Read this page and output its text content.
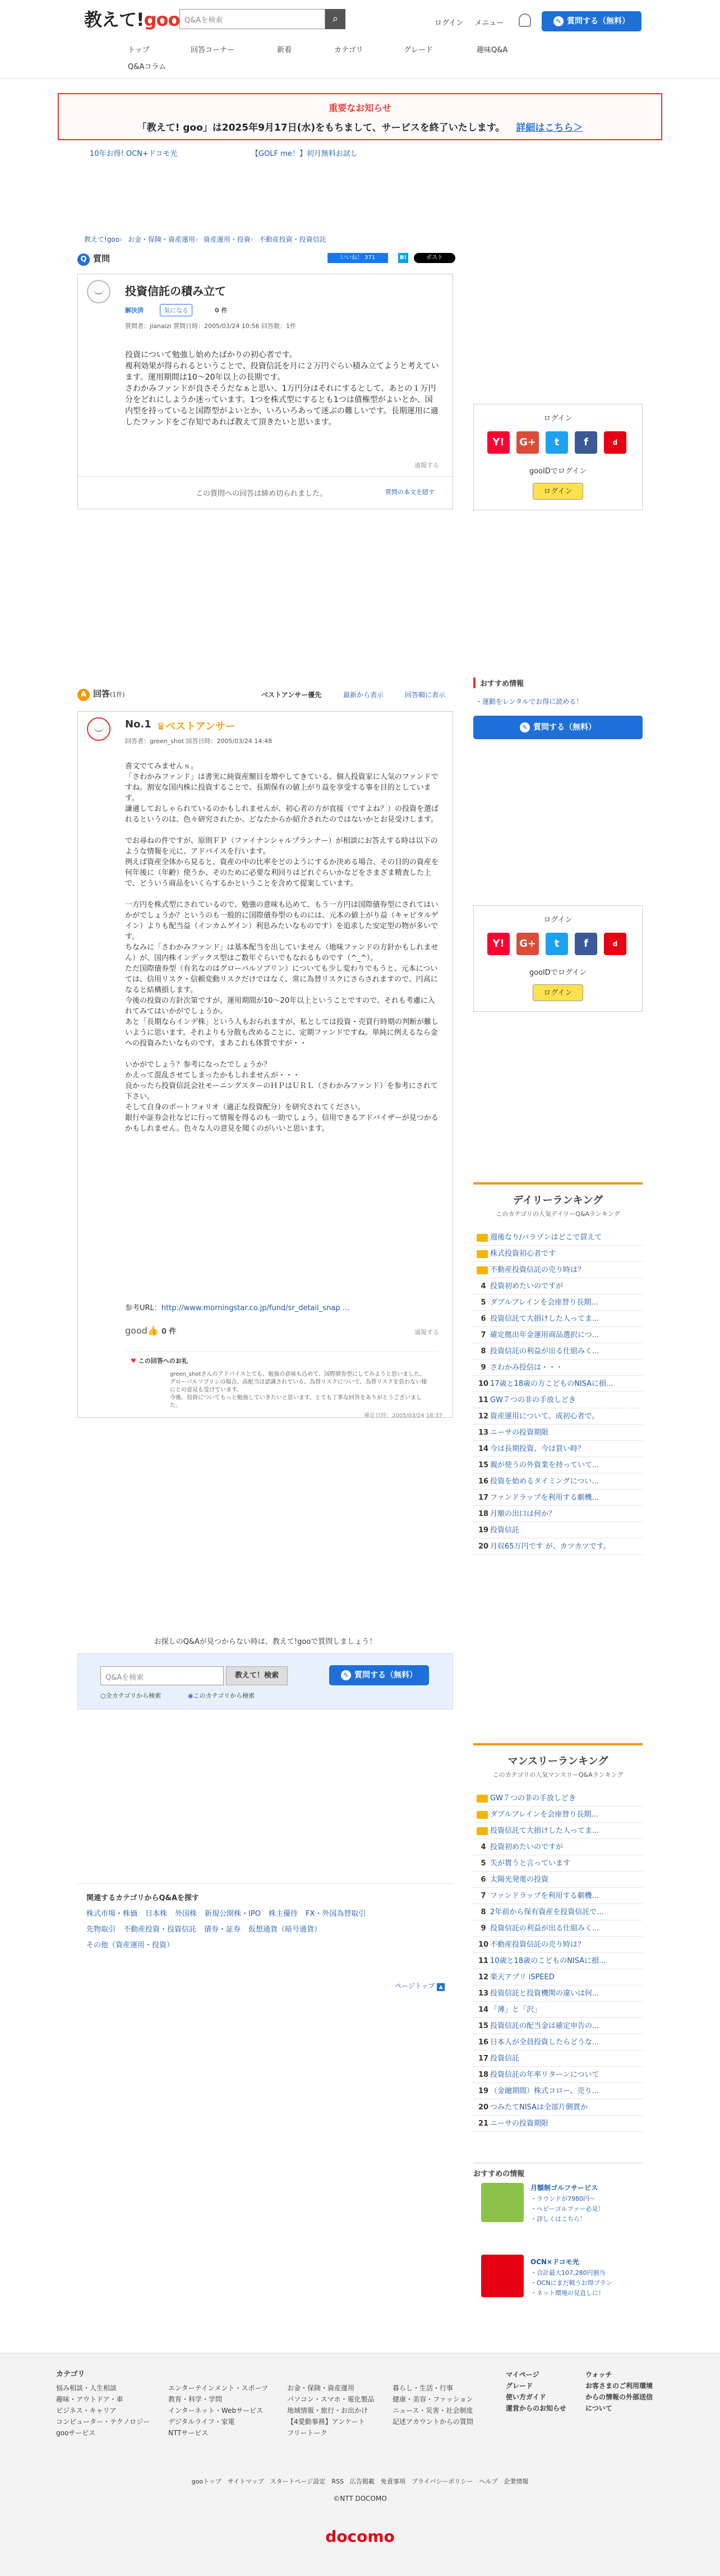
教えて!goo Q&Aを検索	⌕	ログイン メニュー	✎ 質問する（無料）
トップ	回答コーナー	新着	カテゴリ	グレード	趣味Q&A
Q&Aコラム
重要なお知らせ
「教えて! goo」は2025年9月17日(水)をもちまして、サービスを終了いたします。 詳細はこちら＞
10年お得! OCN+ドコモ光	【GOLF me！】初月無料お試し
教えて!goo› お金・保険・資産運用› 資産運用・投資› 不動産投資・投資信託
Q 質問	いいね！ 371	B!	ポスト
投資信託の積み立て
解決済	気になる	0 件
質問者：jianaizi 質問日時：2005/03/24 10:56 回答数：1件
投資について勉強し始めたばかりの初心者です。
複利効果が得られるということで、投資信託を月に２万円ぐらい積み立てようと考えています。運用期間は10〜20年以上の長期です。
さわかみファンドが良さそうだなぁと思い、1万円分はそれにするとして、あとの１万円分をどれにしようか迷っています。1つを株式型にするとも1つは債権型がよいとか、国内型を持っていると国際型がよいとか、いろいろあって迷ぶの難しいです。長期運用に適したファンドをご存知であれば教えて頂きたいと思います。
通報する
この質問への回答は締め切られました。	質問の本文を隠す
ログイン
Y!	G+	t	f	d
gooIDでログイン
ログイン
おすすめ情報
・運動をレンタルでお得に読める！
✎ 質問する（無料）
A 回答(1件)	ベストアンサー優先	最新から表示	回答順に表示
No.1 ♛ベストアンサー
回答者：green_shot 回答日時：2005/03/24 14:48
喜文でてみませんｓ。
「さわかみファンド」は書実に純資産額目を増やしてきている、個人投資家に人気のファンドですね。割安な国内株に投資することで、長期保有の値上がり益を享受する事を目的としています。
謙遜しておしゃられているのかもしれませんが、初心者の方が直接（ですよね？）の投資を選ばれるというのは、色々研究されたか、どなたからか紹介されたのではないかとお見受けします。

でお尋ねの件ですが、原則ＦＰ（ファイナンシャルプランナー）が相談にお答えする時は以下のような情報を元に、アドバイスを行います。
例えば資産全体から見ると、資産の中の比率をどのようにするか決める場合、その目的の資産を何年後に（年齢）使うか、そのために必要な利回りはどれぐらいかなどをさまざま精査した上で、どういう商品をいくらするかということを含めて提案しています。

一方円を株式型にされているので、勉強の意味も込めて、もう一方円は国際債券型にされてはいかがでしょうか？というのも一般的に国際債券型のものには、元本の値上がり益（キャピタルゲイン）よりも配当益（インカムゲイン）利息みたいなものです）を追求した安定型の物が多いです。
ちなみに「さわかみファンド」は基本配当を出していません（地味ファンドの方針かもしれません）が、国内株インデックス型はご数年ぐらいでもなれるものです（^_^）。
ただ国際債券型（有名なのはグローバルソブリン）についても少し変わりでもうと、元本については、信用リスク・信頼変動リスクだけではなく、常に為替リスクにさらされますので、円高になると結構損します。
今後の投資の方針次第ですが、運用期間が10〜20年以上ということですので、それも考慮に入れてみてはいかがでしょうか。
あと「長期ならインデ株」という人もおられますが、私としては投資・売買行時期の判断が難しいように思います。それよりも分散も改めることに、定期ファンドですね。単純に例えるなら金への投資みたいなものです。まあこれも体質ですが・・

いかがでしょう？参考になったでしょうか？
かえって混乱させてしまったかもしれませんが・・・
良かったら投資信託会社モーニングスターのＨＰはＵＲＬ（さわかみファンド）を参考にされて下さい。
そして自身のポートフォリオ（適正な投資配分）を研究されてください。
銀行や証券会社などに行って情報を得るのも一助でしょう。信用できるアドバイザーが見つかるかもしれません。色々な人の意見を聞くのがいいと思います。
参考URL：http://www.morningstar.co.jp/fund/sr_detail_snap ...
good👍 0 件	通報する
♥ この回答へのお礼
green_shotさんのアドバイスとても、勉強の意味も込めて、国際債券型にしてみようと思いました。グローバルソブリンの場合、高配当は認識されている。為替リスクについて、為替リスクを負わない様にとの意見も受けています。
今後、投資についてもっと勉強していきたいと思います。とても丁寧な回答をありがとうございました。
補足日時：2005/03/24 18:37
ログイン
Y!	G+	t	f	d
gooIDでログイン
ログイン
デイリーランキング
このカテゴリの人気デイリーQ&Aランキング
週後なり/パラゾンはどこで買えて
株式投資初心者です
不動産投資信託の売り時は？
4 投資初めたいのですが
5 ダブルブレインを会座替り長期...
6 投資信託て大損けした人ってま...
7 確定拠出年金運用商品選択につ...
8 投資信託の利益が出る仕組みく...
9 さわかみ投信は・・・
10 17歳と18歳の方こどものNISAに損...
11 GW７つの非の手放しどき
12 資産運用について。成初心者で。
13 ニーサの投資期限
14 今は長期投資、今は買い時？
15 親が使うの外資業を持っていて...
16 投資を始めるタイミングについ...
17 ファンドラップを利用する劇機...
18 月額の出口は何か？
19 投資信託
20 月収65万円です が、カツカツです。
お探しのQ&Aが見つからない時は、教えて!gooで質問しましょう！
Q&Aを検索	教えて！検索
○全カテゴリから検索	◉このカテゴリから検索
✎ 質問する（無料）
関連するカテゴリからQ&Aを探す
株式市場・株価 日本株 外国株 新規公開株・IPO 株主優待 FX・外国為替取引
先物取引 不動産投資・投資信託 債券・証券 仮想通貨（暗号通貨）
その他（資産運用・投資）
ページトップ ▲
マンスリーランキング
このカテゴリの人気マンスリーQ&Aランキング
GW７つの非の手放しどき
ダブルブレインを会座替り長期...
投資信託て大損けした人ってま...
4 投資初めたいのですが
5 失が貫うと言っています
6 太陽光発電の投資
7 ファンドラップを利用する劇機...
8 2年前から保有資産を投資信託で...
9 投資信託の利益が出る仕組みく...
10 不動産投資信託の売り時は？
11 10歳と18歳のこどものNISAに損...
12 楽天アプリ iSPEED
13 投資信託と投資機関の違いは何...
14 「薄」と「沢」
15 投資信託の配当金は確定申告の...
16 日本人が全員投資したらどうな...
17 投資信託
18 投資信託の年率リターンについて
19 （金融期間）株式コロー、売り...
20 つみたてNISAは全部片側貫か
21 ニーサの投資期限
おすすめの情報
月額制ゴルフサービス
・ラウンドが7980円～
・ヘビーゴルファー必見！
・詳しくはこちら！
OCN×ドコモ光
・合計最大107,280円割当
・OCNにまだ戦うお得プラン
・ネット環境の見直しに！
カテゴリ
悩み相談・人生相談
趣味・アウトドア・車
ビジネス・キャリア
コンピューター・テクノロジー
gooサービス
エンターテインメント・スポーツ
教育・科学・学問
インターネット・Webサービス
デジタルライフ・家電
NTTサービス
お金・保険・資産運用
パソコン・スマホ・電化製品
地域情報・旅行・お出かけ
【4愛動事務】アンケート
フリートーク
暮らし・生活・行事
健康・美容・ファッション
ニュース・災害・社会制度
記述アカウントからの質問
マイページ
グレード
使い方ガイド
運営からのお知らせ
ウォッチ
お客さまのご利用環境からの情報の外部送信について
gooトップ　 サイトマップ　 スタートページ設定　 RSS　 広告掲載　 免責事項　 プライバシーポリシー　 ヘルプ　 企業情報
©NTT DOCOMO
docomo
